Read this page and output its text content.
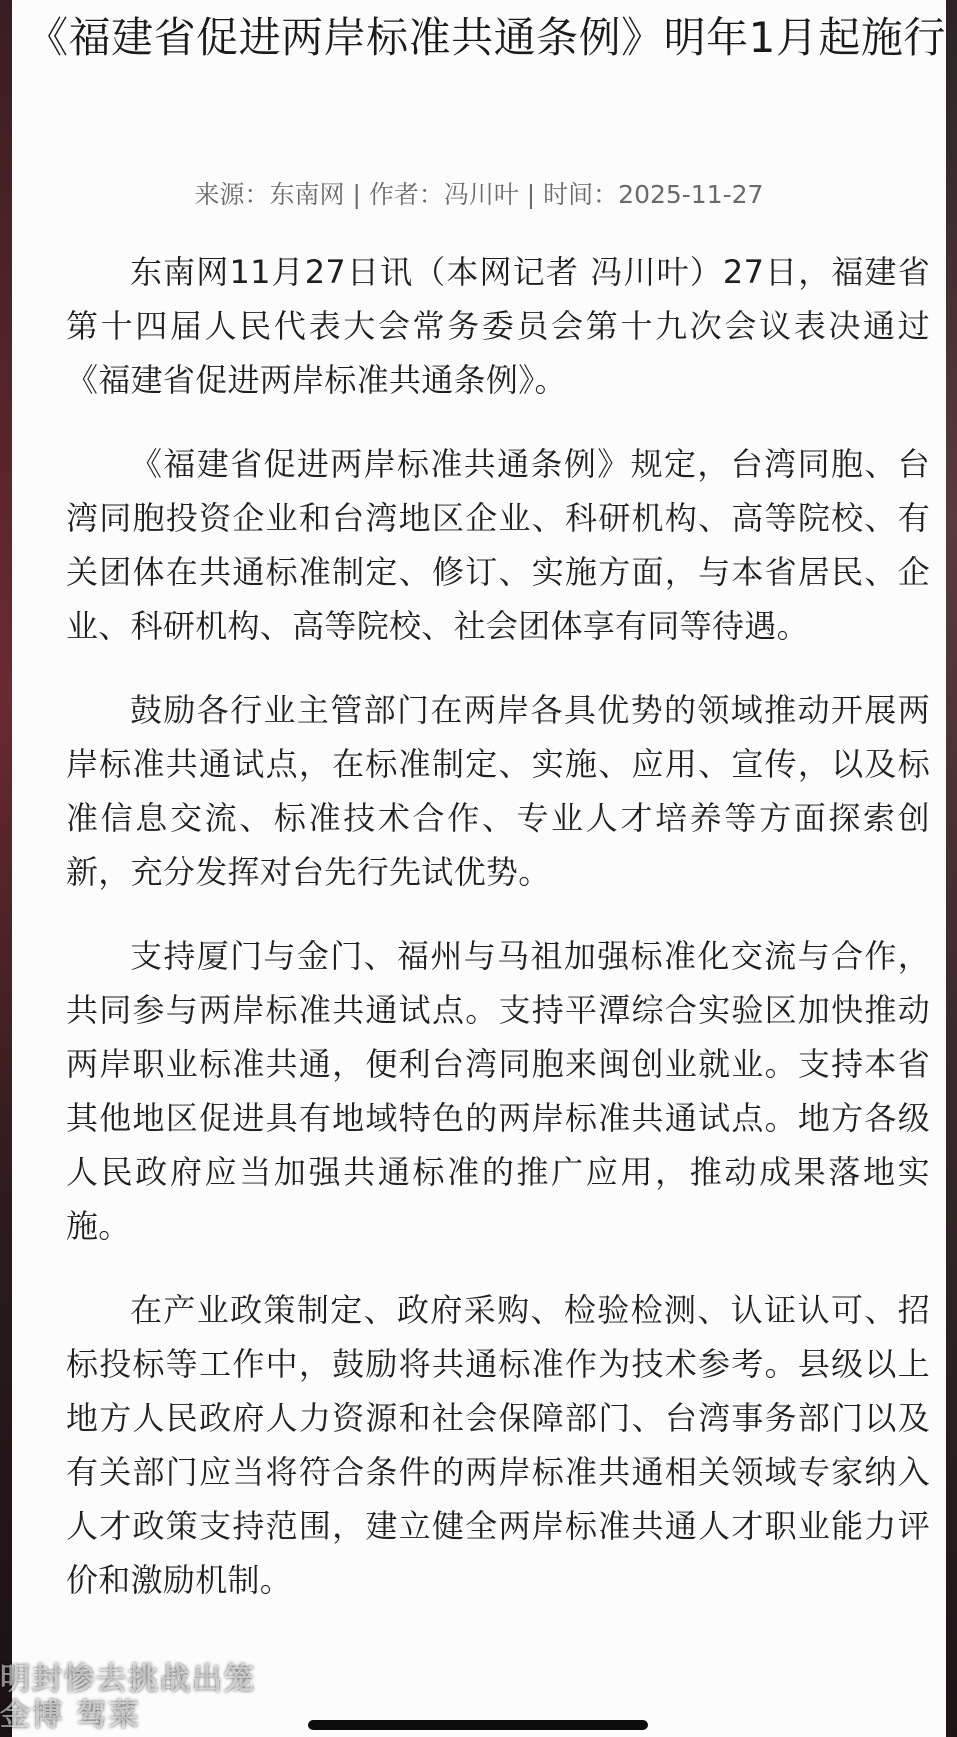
《福建省促进两岸标准共通条例》明年1月起施行
来源：东南网 | 作者：冯川叶 | 时间：2025-11-27

东南网11月27日讯（本网记者 冯川叶）27日，福建省第十四届人民代表大会常务委员会第十九次会议表决通过《福建省促进两岸标准共通条例》。

《福建省促进两岸标准共通条例》规定，台湾同胞、台湾同胞投资企业和台湾地区企业、科研机构、高等院校、有关团体在共通标准制定、修订、实施方面，与本省居民、企业、科研机构、高等院校、社会团体享有同等待遇。

鼓励各行业主管部门在两岸各具优势的领域推动开展两岸标准共通试点，在标准制定、实施、应用、宣传，以及标准信息交流、标准技术合作、专业人才培养等方面探索创新，充分发挥对台先行先试优势。

支持厦门与金门、福州与马祖加强标准化交流与合作，共同参与两岸标准共通试点。支持平潭综合实验区加快推动两岸职业标准共通，便利台湾同胞来闽创业就业。支持本省其他地区促进具有地域特色的两岸标准共通试点。地方各级人民政府应当加强共通标准的推广应用，推动成果落地实施。

在产业政策制定、政府采购、检验检测、认证认可、招标投标等工作中，鼓励将共通标准作为技术参考。县级以上地方人民政府人力资源和社会保障部门、台湾事务部门以及有关部门应当将符合条件的两岸标准共通相关领域专家纳入人才政策支持范围，建立健全两岸标准共通人才职业能力评价和激励机制。

明封惨去挑战出笼
金博 驾菜
